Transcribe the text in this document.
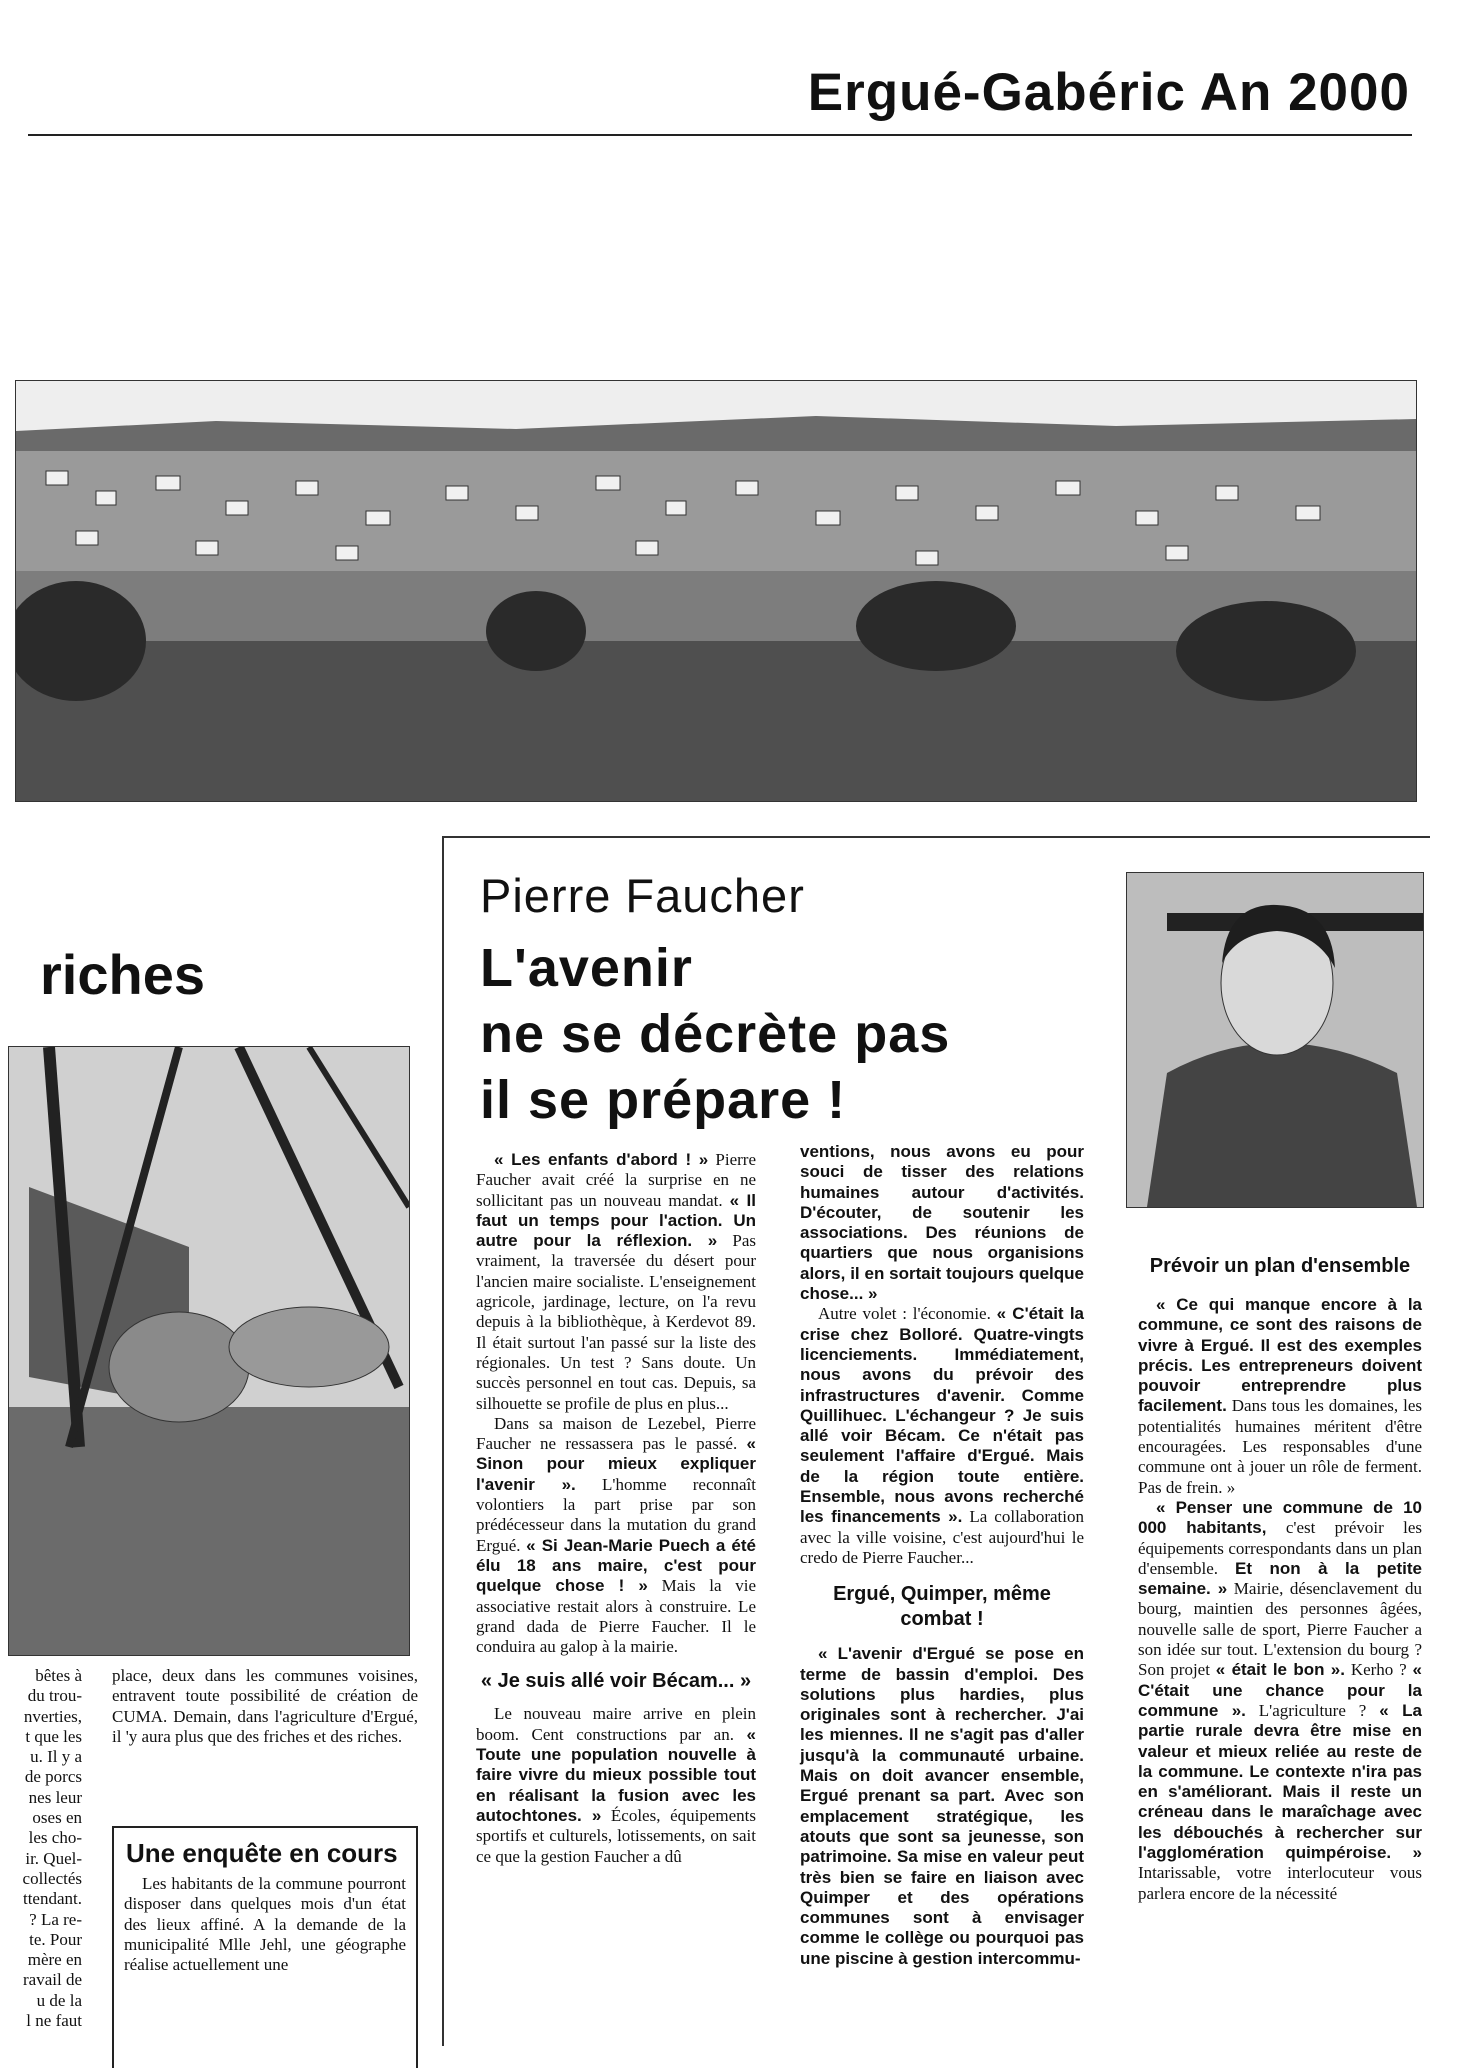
Ergué-Gabéric An 2000
riches
bêtes à
du trou-
nverties,
t que les
u. Il y a
de porcs
nes leur
oses en
les cho-
ir. Quel-
collectés
ttendant.
? La re-
te. Pour
mère en
ravail de
u de la
l ne faut

place, deux dans les communes voisines, entravent toute possibilité de création de CUMA. Demain, dans l'agriculture d'Ergué, il 'y aura plus que des friches et des riches.

Une enquête en cours

Les habitants de la commune pourront disposer dans quelques mois d'un état des lieux affiné. A la demande de la municipalité Mlle Jehl, une géographe réalise actuellement une

Pierre Faucher
L'avenir
ne se décrète pas
il se prépare !

« Les enfants d'abord ! » Pierre Faucher avait créé la surprise en ne sollicitant pas un nouveau mandat. « Il faut un temps pour l'action. Un autre pour la réflexion. » Pas vraiment, la traversée du désert pour l'ancien maire socialiste. L'enseignement agricole, jardinage, lecture, on l'a revu depuis à la bibliothèque, à Kerdevot 89. Il était surtout l'an passé sur la liste des régionales. Un test ? Sans doute. Un succès personnel en tout cas. Depuis, sa silhouette se profile de plus en plus...

Dans sa maison de Lezebel, Pierre Faucher ne ressassera pas le passé. « Sinon pour mieux expliquer l'avenir ». L'homme reconnaît volontiers la part prise par son prédécesseur dans la mutation du grand Ergué. « Si Jean-Marie Puech a été élu 18 ans maire, c'est pour quelque chose ! » Mais la vie associative restait alors à construire. Le grand dada de Pierre Faucher. Il le conduira au galop à la mairie.

« Je suis allé voir Bécam... »

Le nouveau maire arrive en plein boom. Cent constructions par an. « Toute une population nouvelle à faire vivre du mieux possible tout en réalisant la fusion avec les autochtones. » Écoles, équipements sportifs et culturels, lotissements, on sait ce que la gestion Faucher a dû

ventions, nous avons eu pour souci de tisser des relations humaines autour d'activités. D'écouter, de soutenir les associations. Des réunions de quartiers que nous organisions alors, il en sortait toujours quelque chose... »

Autre volet : l'économie. « C'était la crise chez Bolloré. Quatre-vingts licenciements. Immédiatement, nous avons du prévoir des infrastructures d'avenir. Comme Quillihuec. L'échangeur ? Je suis allé voir Bécam. Ce n'était pas seulement l'affaire d'Ergué. Mais de la région toute entière. Ensemble, nous avons recherché les financements ». La collaboration avec la ville voisine, c'est aujourd'hui le credo de Pierre Faucher...

Ergué, Quimper, même combat !

« L'avenir d'Ergué se pose en terme de bassin d'emploi. Des solutions plus hardies, plus originales sont à rechercher. J'ai les miennes. Il ne s'agit pas d'aller jusqu'à la communauté urbaine. Mais on doit avancer ensemble, Ergué prenant sa part. Avec son emplacement stratégique, les atouts que sont sa jeunesse, son patrimoine. Sa mise en valeur peut très bien se faire en liaison avec Quimper et des opérations communes sont à envisager comme le collège ou pourquoi pas une piscine à gestion intercommu-

Prévoir un plan d'ensemble

« Ce qui manque encore à la commune, ce sont des raisons de vivre à Ergué. Il est des exemples précis. Les entrepreneurs doivent pouvoir entreprendre plus facilement. Dans tous les domaines, les potentialités humaines méritent d'être encouragées. Les responsables d'une commune ont à jouer un rôle de ferment. Pas de frein. »

« Penser une commune de 10 000 habitants, c'est prévoir les équipements correspondants dans un plan d'ensemble. Et non à la petite semaine. » Mairie, désenclavement du bourg, maintien des personnes âgées, nouvelle salle de sport, Pierre Faucher a son idée sur tout. L'extension du bourg ? Son projet « était le bon ». Kerho ? « C'était une chance pour la commune ». L'agriculture ? « La partie rurale devra être mise en valeur et mieux reliée au reste de la commune. Le contexte n'ira pas en s'améliorant. Mais il reste un créneau dans le maraîchage avec les débouchés à rechercher sur l'agglomération quimpéroise. » Intarissable, votre interlocuteur vous parlera encore de la nécessité
